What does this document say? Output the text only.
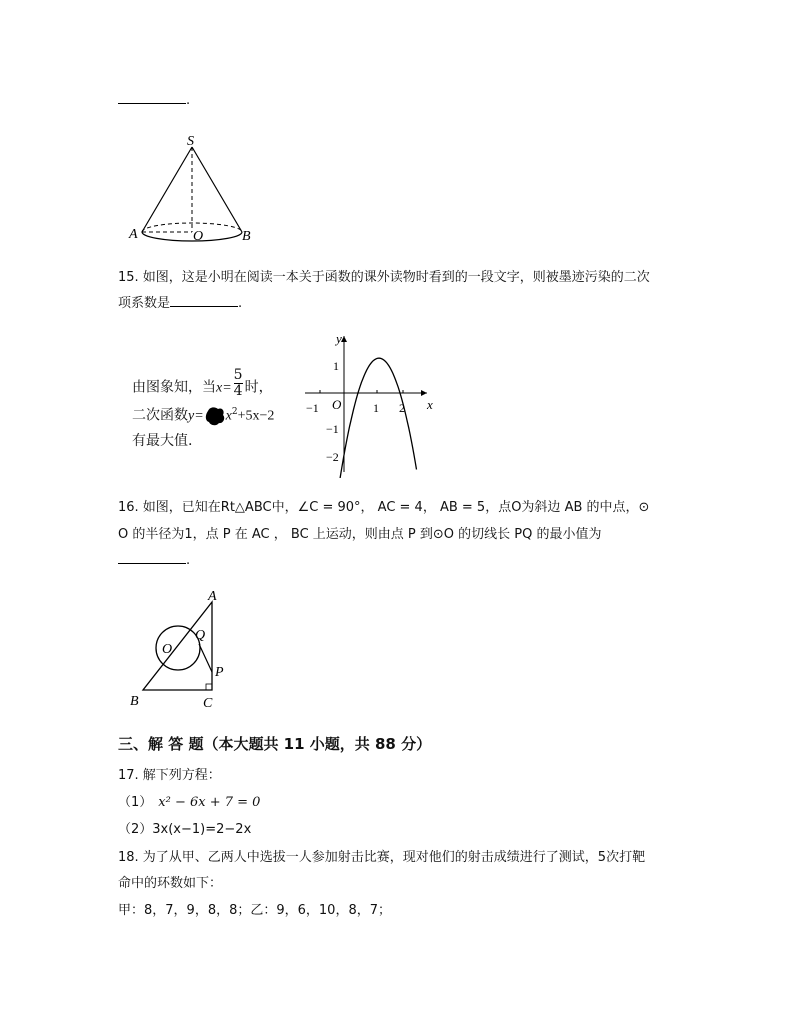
.
S
A	O	B
15. 如图，这是小明在阅读一本关于函数的课外读物时看到的一段文字，则被墨迹污染的二次
项系数是	.
由图象知，当$x= \frac{5}{4}$ 时，
二次函数$y= x^2+5x-2$
有最大值.
y
x
O
−1	1 2
1
−1
−2
16. 如图，已知在Rt△ABC中，∠C = 90°， AC = 4， AB = 5，点O为斜边 AB 的中点，⊙
O 的半径为1，点 P 在 AC ， BC 上运动，则由点 P 到⊙O 的切线长 PQ 的最小值为
.
A
B	C
O
Q
P
三、解 答 题（本大题共 11 小题，共 88 分）
17. 解下列方程：
（1） x² − 6x + 7 = 0
（2）3x(x−1)=2−2x
18. 为了从甲、乙两人中选拔一人参加射击比赛，现对他们的射击成绩进行了测试，5次打靶
命中的环数如下：
甲：8，7，9，8，8；乙：9，6，10，8，7；
